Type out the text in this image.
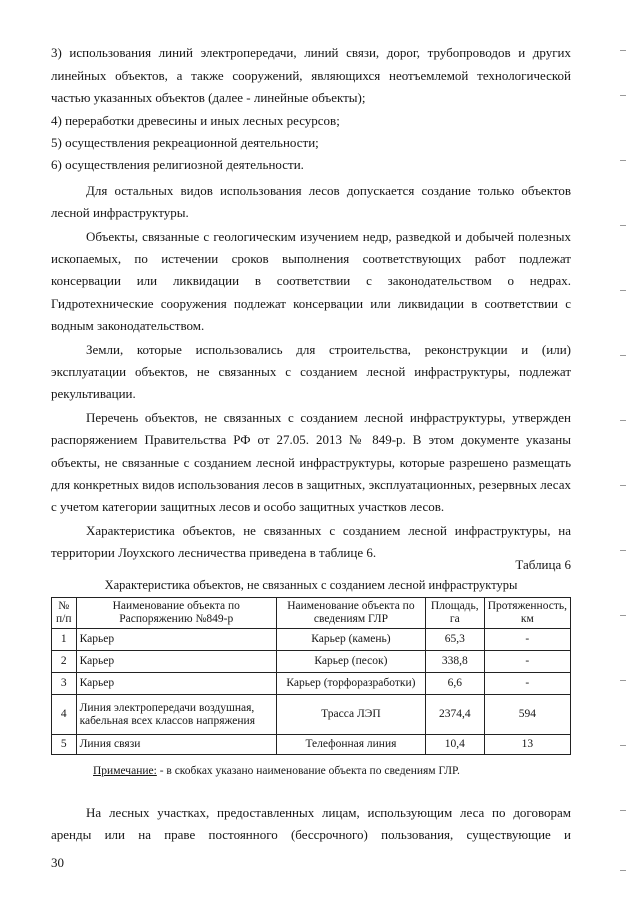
3) использования линий электропередачи, линий связи, дорог, трубопроводов и других
линейных объектов, а также сооружений, являющихся неотъемлемой технологической
частью указанных объектов (далее - линейные объекты);
4) переработки древесины и иных лесных ресурсов;
5) осуществления рекреационной деятельности;
6) осуществления религиозной деятельности.
Для остальных видов использования лесов допускается создание только объектов
лесной инфраструктуры.
Объекты, связанные с геологическим изучением недр, разведкой и добычей полезных
ископаемых, по истечении сроков выполнения соответствующих работ подлежат
консервации или ликвидации в соответствии с законодательством о недрах.
Гидротехнические сооружения подлежат консервации или ликвидации в соответствии с
водным законодательством.
Земли, которые использовались для строительства, реконструкции и (или)
эксплуатации объектов, не связанных с созданием лесной инфраструктуры, подлежат
рекультивации.
Перечень объектов, не связанных с созданием лесной инфраструктуры, утвержден
распоряжением Правительства РФ от 27.05. 2013 № 849-р. В этом документе указаны
объекты, не связанные с созданием лесной инфраструктуры, которые разрешено размещать
для конкретных видов использования лесов в защитных, эксплуатационных, резервных лесах
с учетом категории защитных лесов и особо защитных участков лесов.
Характеристика объектов, не связанных с созданием лесной инфраструктуры, на
территории Лоухского лесничества приведена в таблице 6.
Таблица 6
Характеристика объектов, не связанных с созданием лесной инфраструктуры
№ п/п	Наименование объекта по Распоряжению №849-р	Наименование объекта по сведениям ГЛР	Площадь, га	Протяженность, км
1	Карьер	Карьер (камень)	65,3	-
2	Карьер	Карьер (песок)	338,8	-
3	Карьер	Карьер (торфоразработки)	6,6	-
4	Линия электропередачи воздушная, кабельная всех классов напряжения	Трасса ЛЭП	2374,4	594
5	Линия связи	Телефонная линия	10,4	13
Примечание: - в скобках указано наименование объекта по сведениям ГЛР.
На лесных участках, предоставленных лицам, использующим леса по договорам
аренды или на праве постоянного (бессрочного) пользования, существующие и
30
